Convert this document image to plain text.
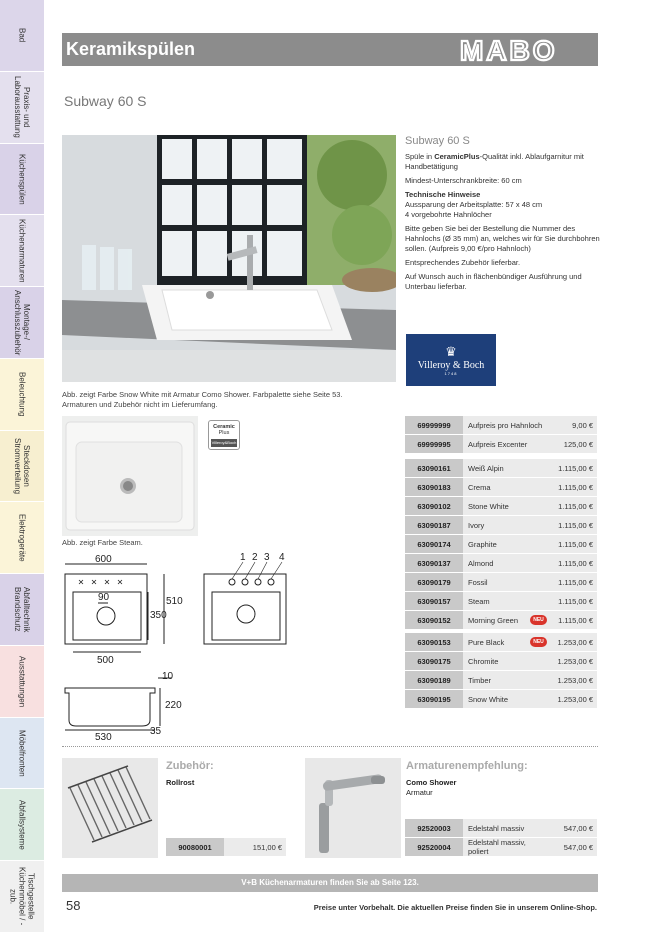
Bad
Praxis- und
Laborausstattung
Küchenspülen
Küchenarmaturen
Montage-/
Anschlusszubehör
Beleuchtung
Steckdosen
Stromverteilung
Elektrogeräte
Abfalltechnik
Brandschutz
Ausstattungen
Möbelfronten
Abfallsysteme
Tischgestelle
Küchenmöbel / -zub.
Keramikspülen	MABO
Subway 60 S
Abb. zeigt Farbe Snow White mit Armatur Como Shower. Farbpalette siehe Seite 53.
Armaturen und Zubehör nicht im Lieferumfang.
Abb. zeigt Farbe Steam.
Ceramic
Plus
Villeroy&Boch
Subway 60 S

Spüle in CeramicPlus-Qualität inkl. Ablaufgarnitur mit Handbetätigung

Mindest-Unterschrankbreite: 60 cm

Technische Hinweise
Aussparung der Arbeitsplatte: 57 x 48 cm
4 vorgebohrte Hahnlöcher

Bitte geben Sie bei der Bestellung die Nummer des Hahnlochs (Ø 35 mm) an, welches wir für Sie durchbohren sollen. (Aufpreis 9,00 €/pro Hahnloch)

Entsprechendes Zubehör lieferbar.

Auf Wunsch auch in flächenbündiger Ausführung und Unterbau lieferbar.

♛
Villeroy & Boch
1748
69999999	Aufpreis pro Hahnloch	9,00 €
69999995	Aufpreis Excenter	125,00 €
63090161	Weiß Alpin	1.115,00 €
63090183	Crema	1.115,00 €
63090102	Stone White	1.115,00 €
63090187	Ivory	1.115,00 €
63090174	Graphite	1.115,00 €
63090137	Almond	1.115,00 €
63090179	Fossil	1.115,00 €
63090157	Steam	1.115,00 €
63090152	Morning Green	NEU	1.115,00 €
63090153	Pure Black	NEU	1.253,00 €
63090175	Chromite	1.253,00 €
63090189	Timber	1.253,00 €
63090195	Snow White	1.253,00 €
600
500
90
350
510
1 2 3 4
10
220
530
35
Zubehör:
Rollrost
90080001	151,00 €
Armaturenempfehlung:
Como Shower
Armatur
92520003	Edelstahl massiv	547,00 €
92520004	Edelstahl massiv, poliert	547,00 €
V+B Küchenarmaturen finden Sie ab Seite 123.
58	Preise unter Vorbehalt. Die aktuellen Preise finden Sie in unserem Online-Shop.
